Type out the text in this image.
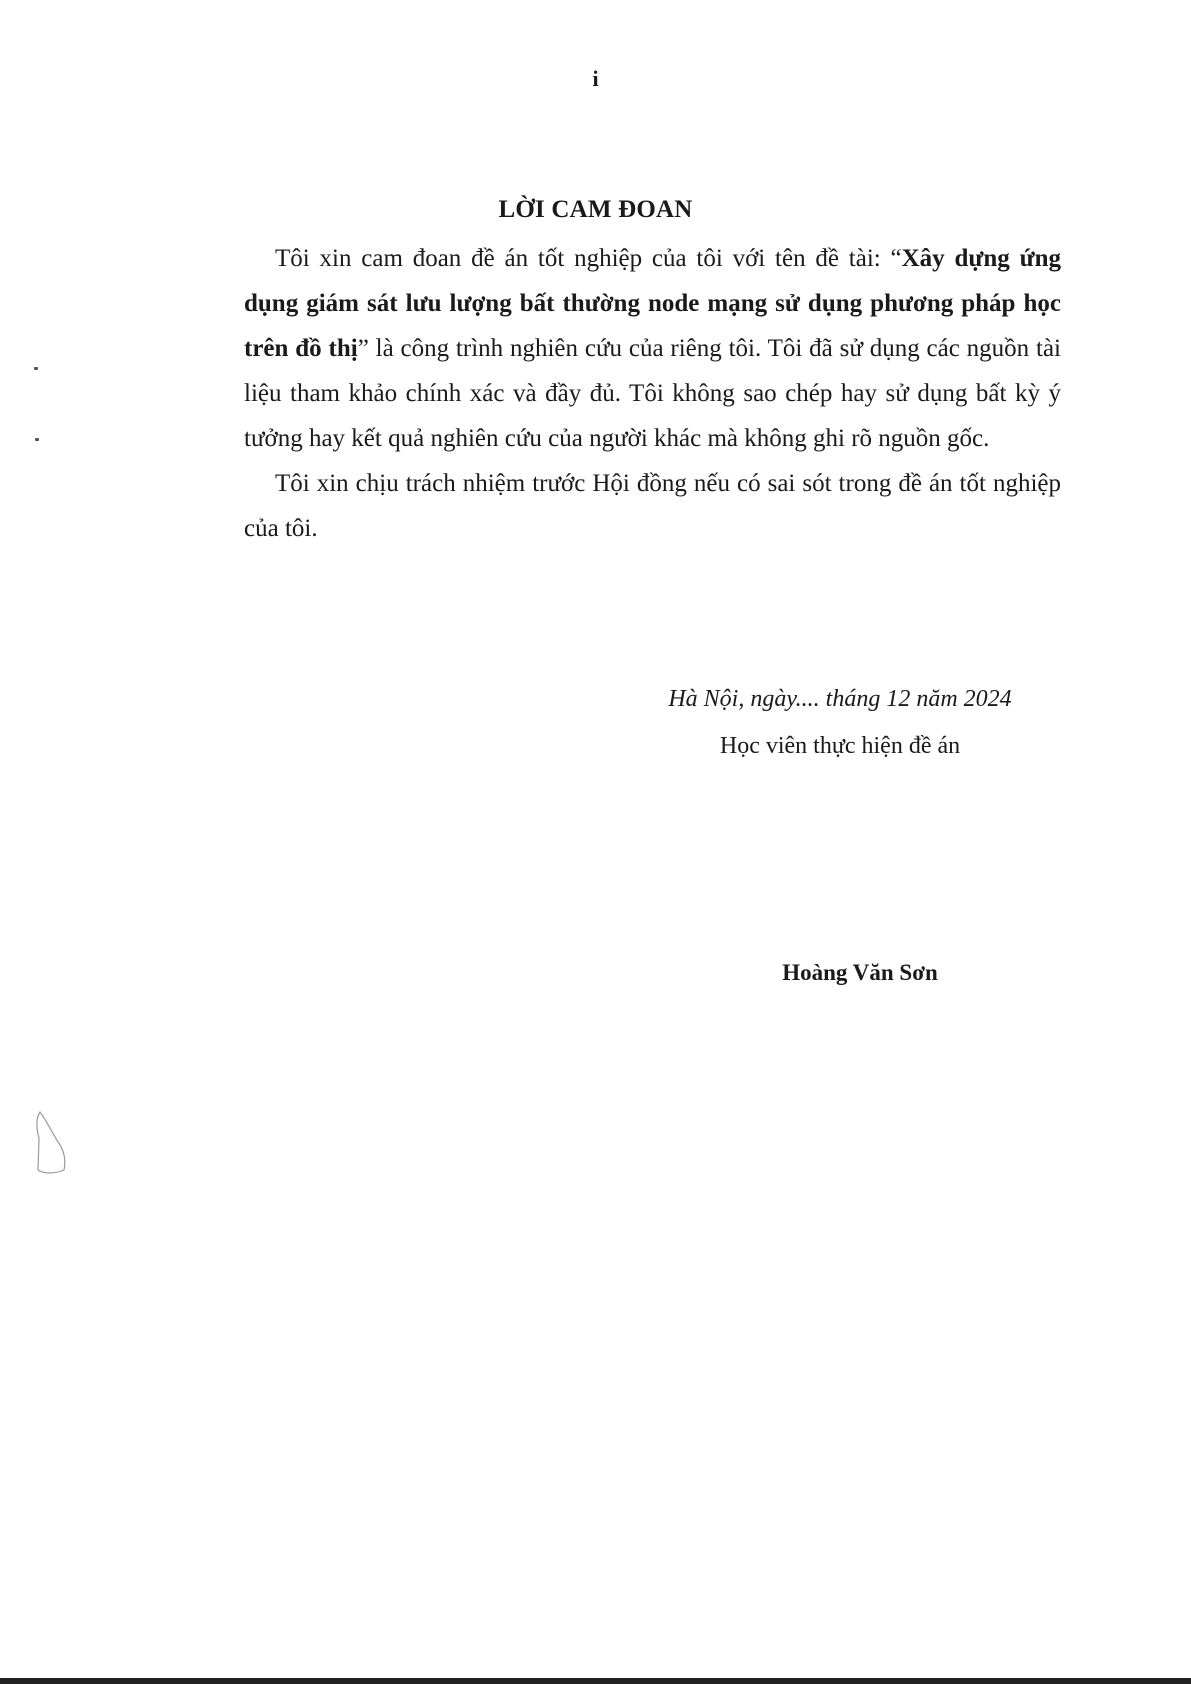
i
LỜI CAM ĐOAN

Tôi xin cam đoan đề án tốt nghiệp của tôi với tên đề tài: “Xây dựng ứng dụng giám sát lưu lượng bất thường node mạng sử dụng phương pháp học trên đồ thị” là công trình nghiên cứu của riêng tôi. Tôi đã sử dụng các nguồn tài liệu tham khảo chính xác và đầy đủ. Tôi không sao chép hay sử dụng bất kỳ ý tưởng hay kết quả nghiên cứu của người khác mà không ghi rõ nguồn gốc.

Tôi xin chịu trách nhiệm trước Hội đồng nếu có sai sót trong đề án tốt nghiệp của tôi.

Hà Nội, ngày.... tháng 12 năm 2024
Học viên thực hiện đề án
Hoàng Văn Sơn
